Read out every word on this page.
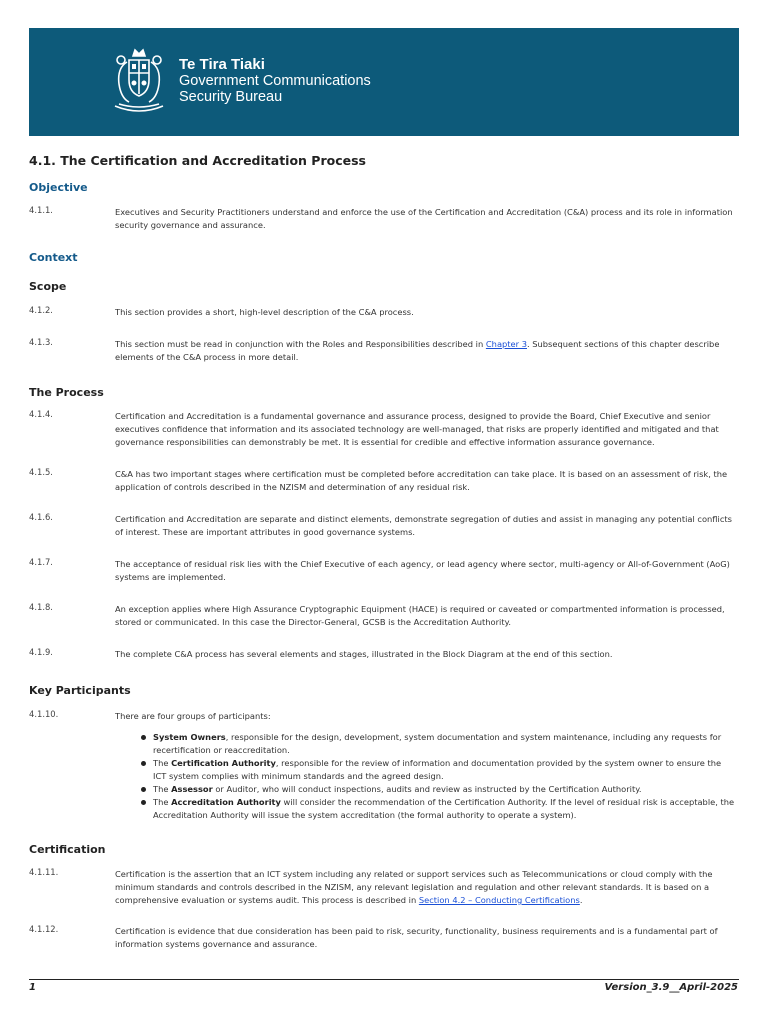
Te Tira Tiaki
Government Communications
Security Bureau
4.1. The Certification and Accreditation Process
Objective
4.1.1.	Executives and Security Practitioners understand and enforce the use of the Certification and Accreditation (C&A) process and its role in information security governance and assurance.
Context
Scope
4.1.2.	This section provides a short, high-level description of the C&A process.
4.1.3.	This section must be read in conjunction with the Roles and Responsibilities described in Chapter 3. Subsequent sections of this chapter describe elements of the C&A process in more detail.
The Process
4.1.4.	Certification and Accreditation is a fundamental governance and assurance process, designed to provide the Board, Chief Executive and senior executives confidence that information and its associated technology are well-managed, that risks are properly identified and mitigated and that governance responsibilities can demonstrably be met. It is essential for credible and effective information assurance governance.
4.1.5.	C&A has two important stages where certification must be completed before accreditation can take place. It is based on an assessment of risk, the application of controls described in the NZISM and determination of any residual risk.
4.1.6.	Certification and Accreditation are separate and distinct elements, demonstrate segregation of duties and assist in managing any potential conflicts of interest. These are important attributes in good governance systems.
4.1.7.	The acceptance of residual risk lies with the Chief Executive of each agency, or lead agency where sector, multi-agency or All-of-Government (AoG) systems are implemented.
4.1.8.	An exception applies where High Assurance Cryptographic Equipment (HACE) is required or caveated or compartmented information is processed, stored or communicated. In this case the Director-General, GCSB is the Accreditation Authority.
4.1.9.	The complete C&A process has several elements and stages, illustrated in the Block Diagram at the end of this section.
Key Participants
4.1.10.	There are four groups of participants:
System Owners, responsible for the design, development, system documentation and system maintenance, including any requests for recertification or reaccreditation.
The Certification Authority, responsible for the review of information and documentation provided by the system owner to ensure the ICT system complies with minimum standards and the agreed design.
The Assessor or Auditor, who will conduct inspections, audits and review as instructed by the Certification Authority.
The Accreditation Authority will consider the recommendation of the Certification Authority. If the level of residual risk is acceptable, the Accreditation Authority will issue the system accreditation (the formal authority to operate a system).
Certification
4.1.11.	Certification is the assertion that an ICT system including any related or support services such as Telecommunications or cloud comply with the minimum standards and controls described in the NZISM, any relevant legislation and regulation and other relevant standards. It is based on a comprehensive evaluation or systems audit. This process is described in Section 4.2 – Conducting Certifications.
4.1.12.	Certification is evidence that due consideration has been paid to risk, security, functionality, business requirements and is a fundamental part of information systems governance and assurance.
1	Version_3.9__April-2025
